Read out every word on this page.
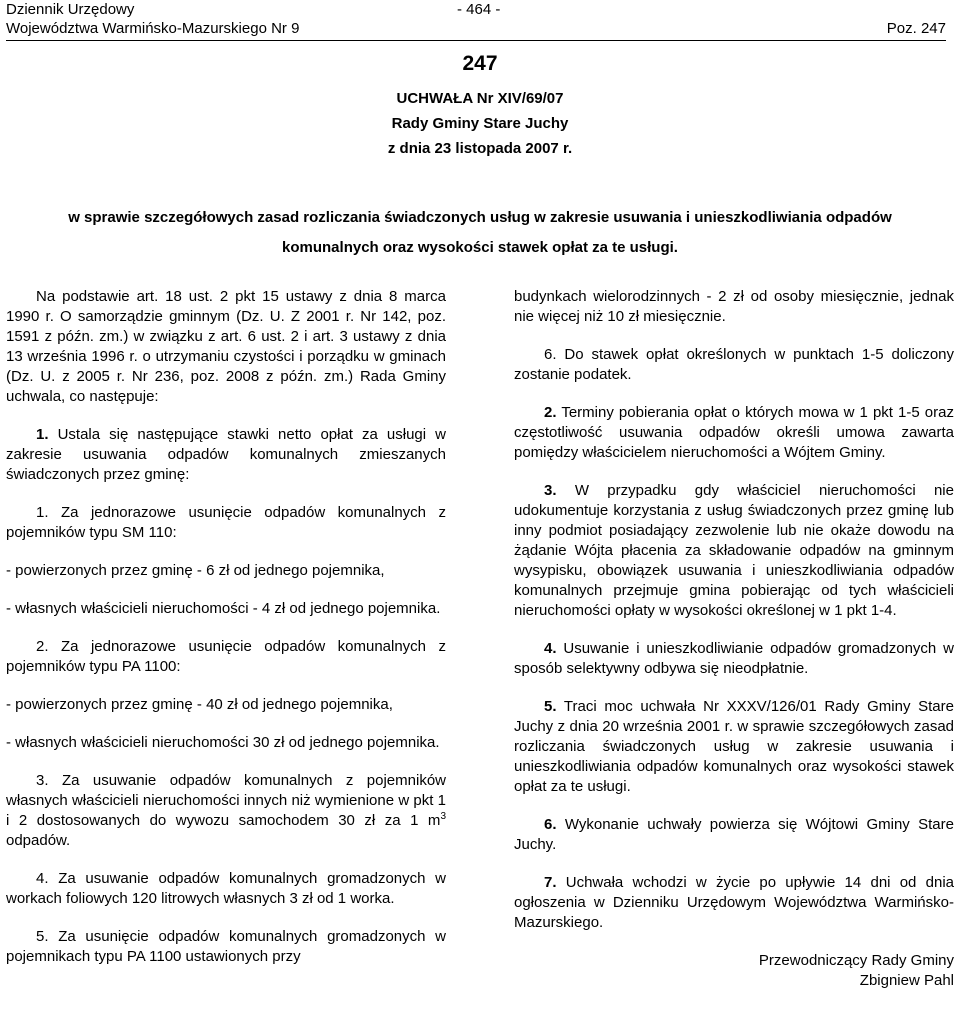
Dziennik Urzędowy
Województwa Warmińsko-Mazurskiego Nr 9
- 464 -
Poz. 247
247
UCHWAŁA Nr XIV/69/07
Rady Gminy Stare Juchy
z dnia 23 listopada 2007 r.
w sprawie szczegółowych zasad rozliczania świadczonych usług w zakresie usuwania i unieszkodliwiania odpadów
komunalnych oraz wysokości stawek opłat za te usługi.

Na podstawie art. 18 ust. 2 pkt 15 ustawy z dnia 8 marca 1990 r. O samorządzie gminnym (Dz. U. Z 2001 r. Nr 142, poz. 1591 z późn. zm.) w związku z art. 6 ust. 2 i art. 3 ustawy z dnia 13 września 1996 r. o utrzymaniu czystości i porządku w gminach (Dz. U. z 2005 r. Nr 236, poz. 2008 z późn. zm.) Rada Gminy uchwala, co następuje:

1. Ustala się następujące stawki netto opłat za usługi w zakresie usuwania odpadów komunalnych zmieszanych świadczonych przez gminę:

1. Za jednorazowe usunięcie odpadów komunalnych z pojemników typu SM 110:

- powierzonych przez gminę - 6 zł od jednego pojemnika,

- własnych właścicieli nieruchomości - 4 zł od jednego pojemnika.

2. Za jednorazowe usunięcie odpadów komunalnych z pojemników typu PA 1100:

- powierzonych przez gminę - 40 zł od jednego pojemnika,

- własnych właścicieli nieruchomości 30 zł od jednego pojemnika.

3. Za usuwanie odpadów komunalnych z pojemników własnych właścicieli nieruchomości innych niż wymienione w pkt 1 i 2 dostosowanych do wywozu samochodem 30 zł za 1 $m^3$ odpadów.

4. Za usuwanie odpadów komunalnych gromadzonych w workach foliowych 120 litrowych własnych 3 zł od 1 worka.

5. Za usunięcie odpadów komunalnych gromadzonych w pojemnikach typu PA 1100 ustawionych przy

budynkach wielorodzinnych - 2 zł od osoby miesięcznie, jednak nie więcej niż 10 zł miesięcznie.

6. Do stawek opłat określonych w punktach 1-5 doliczony zostanie podatek.

2. Terminy pobierania opłat o których mowa w 1 pkt 1-5 oraz częstotliwość usuwania odpadów określi umowa zawarta pomiędzy właścicielem nieruchomości a Wójtem Gminy.

3. W przypadku gdy właściciel nieruchomości nie udokumentuje korzystania z usług świadczonych przez gminę lub inny podmiot posiadający zezwolenie lub nie okaże dowodu na żądanie Wójta płacenia za składowanie odpadów na gminnym wysypisku, obowiązek usuwania i unieszkodliwiania odpadów komunalnych przejmuje gmina pobierając od tych właścicieli nieruchomości opłaty w wysokości określonej w 1 pkt 1-4.

4. Usuwanie i unieszkodliwianie odpadów gromadzonych w sposób selektywny odbywa się nieodpłatnie.

5. Traci moc uchwała Nr XXXV/126/01 Rady Gminy Stare Juchy z dnia 20 września 2001 r. w sprawie szczegółowych zasad rozliczania świadczonych usług w zakresie usuwania i unieszkodliwiania odpadów komunalnych oraz wysokości stawek opłat za te usługi.

6. Wykonanie uchwały powierza się Wójtowi Gminy Stare Juchy.

7. Uchwała wchodzi w życie po upływie 14 dni od dnia ogłoszenia w Dzienniku Urzędowym Województwa Warmińsko-Mazurskiego.

Przewodniczący Rady Gminy

Zbigniew Pahl
